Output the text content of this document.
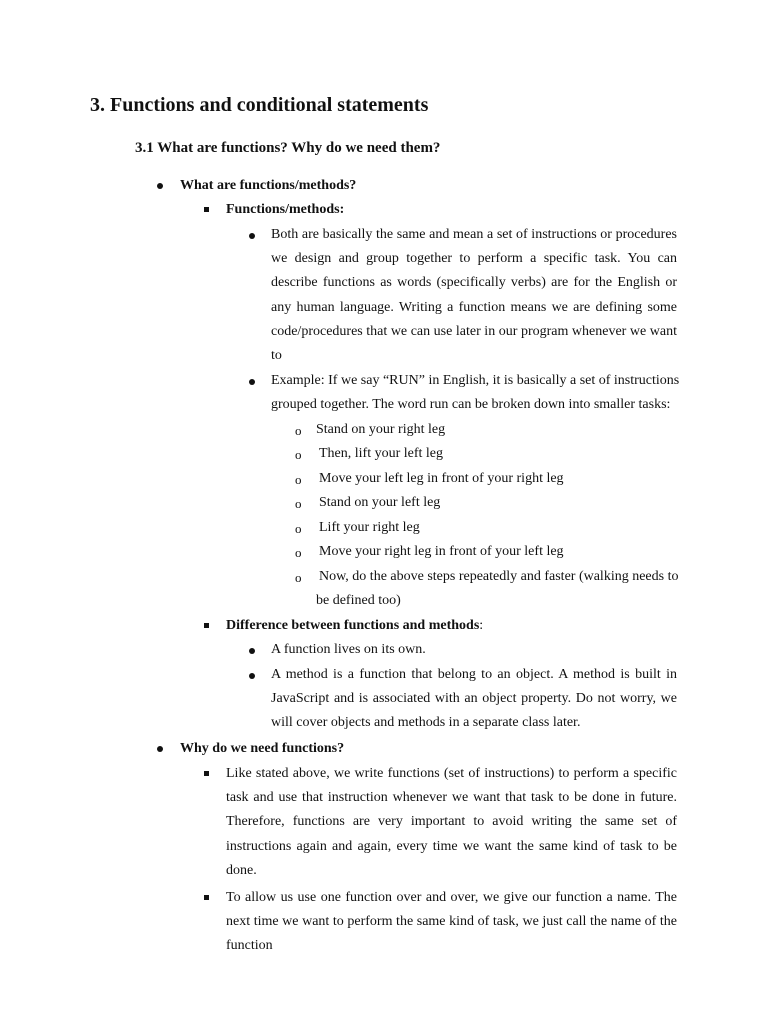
3. Functions and conditional statements
3.1 What are functions? Why do we need them?
What are functions/methods?
Functions/methods:
Both are basically the same and mean a set of instructions or procedures we design and group together to perform a specific task. You can describe functions as words (specifically verbs) are for the English or any human language. Writing a function means we are defining some code/procedures that we can use later in our program whenever we want to
Example: If we say “RUN” in English, it is basically a set of instructions grouped together. The word run can be broken down into smaller tasks:
o Stand on your right leg
o Then, lift your left leg
o Move your left leg in front of your right leg
o Stand on your left leg
o Lift your right leg
o Move your right leg in front of your left leg
o Now, do the above steps repeatedly and faster (walking needs to be defined too)
Difference between functions and methods:
A function lives on its own.
A method is a function that belong to an object. A method is built in JavaScript and is associated with an object property. Do not worry, we will cover objects and methods in a separate class later.
Why do we need functions?
Like stated above, we write functions (set of instructions) to perform a specific task and use that instruction whenever we want that task to be done in future. Therefore, functions are very important to avoid writing the same set of instructions again and again, every time we want the same kind of task to be done.
To allow us use one function over and over, we give our function a name. The next time we want to perform the same kind of task, we just call the name of the function
